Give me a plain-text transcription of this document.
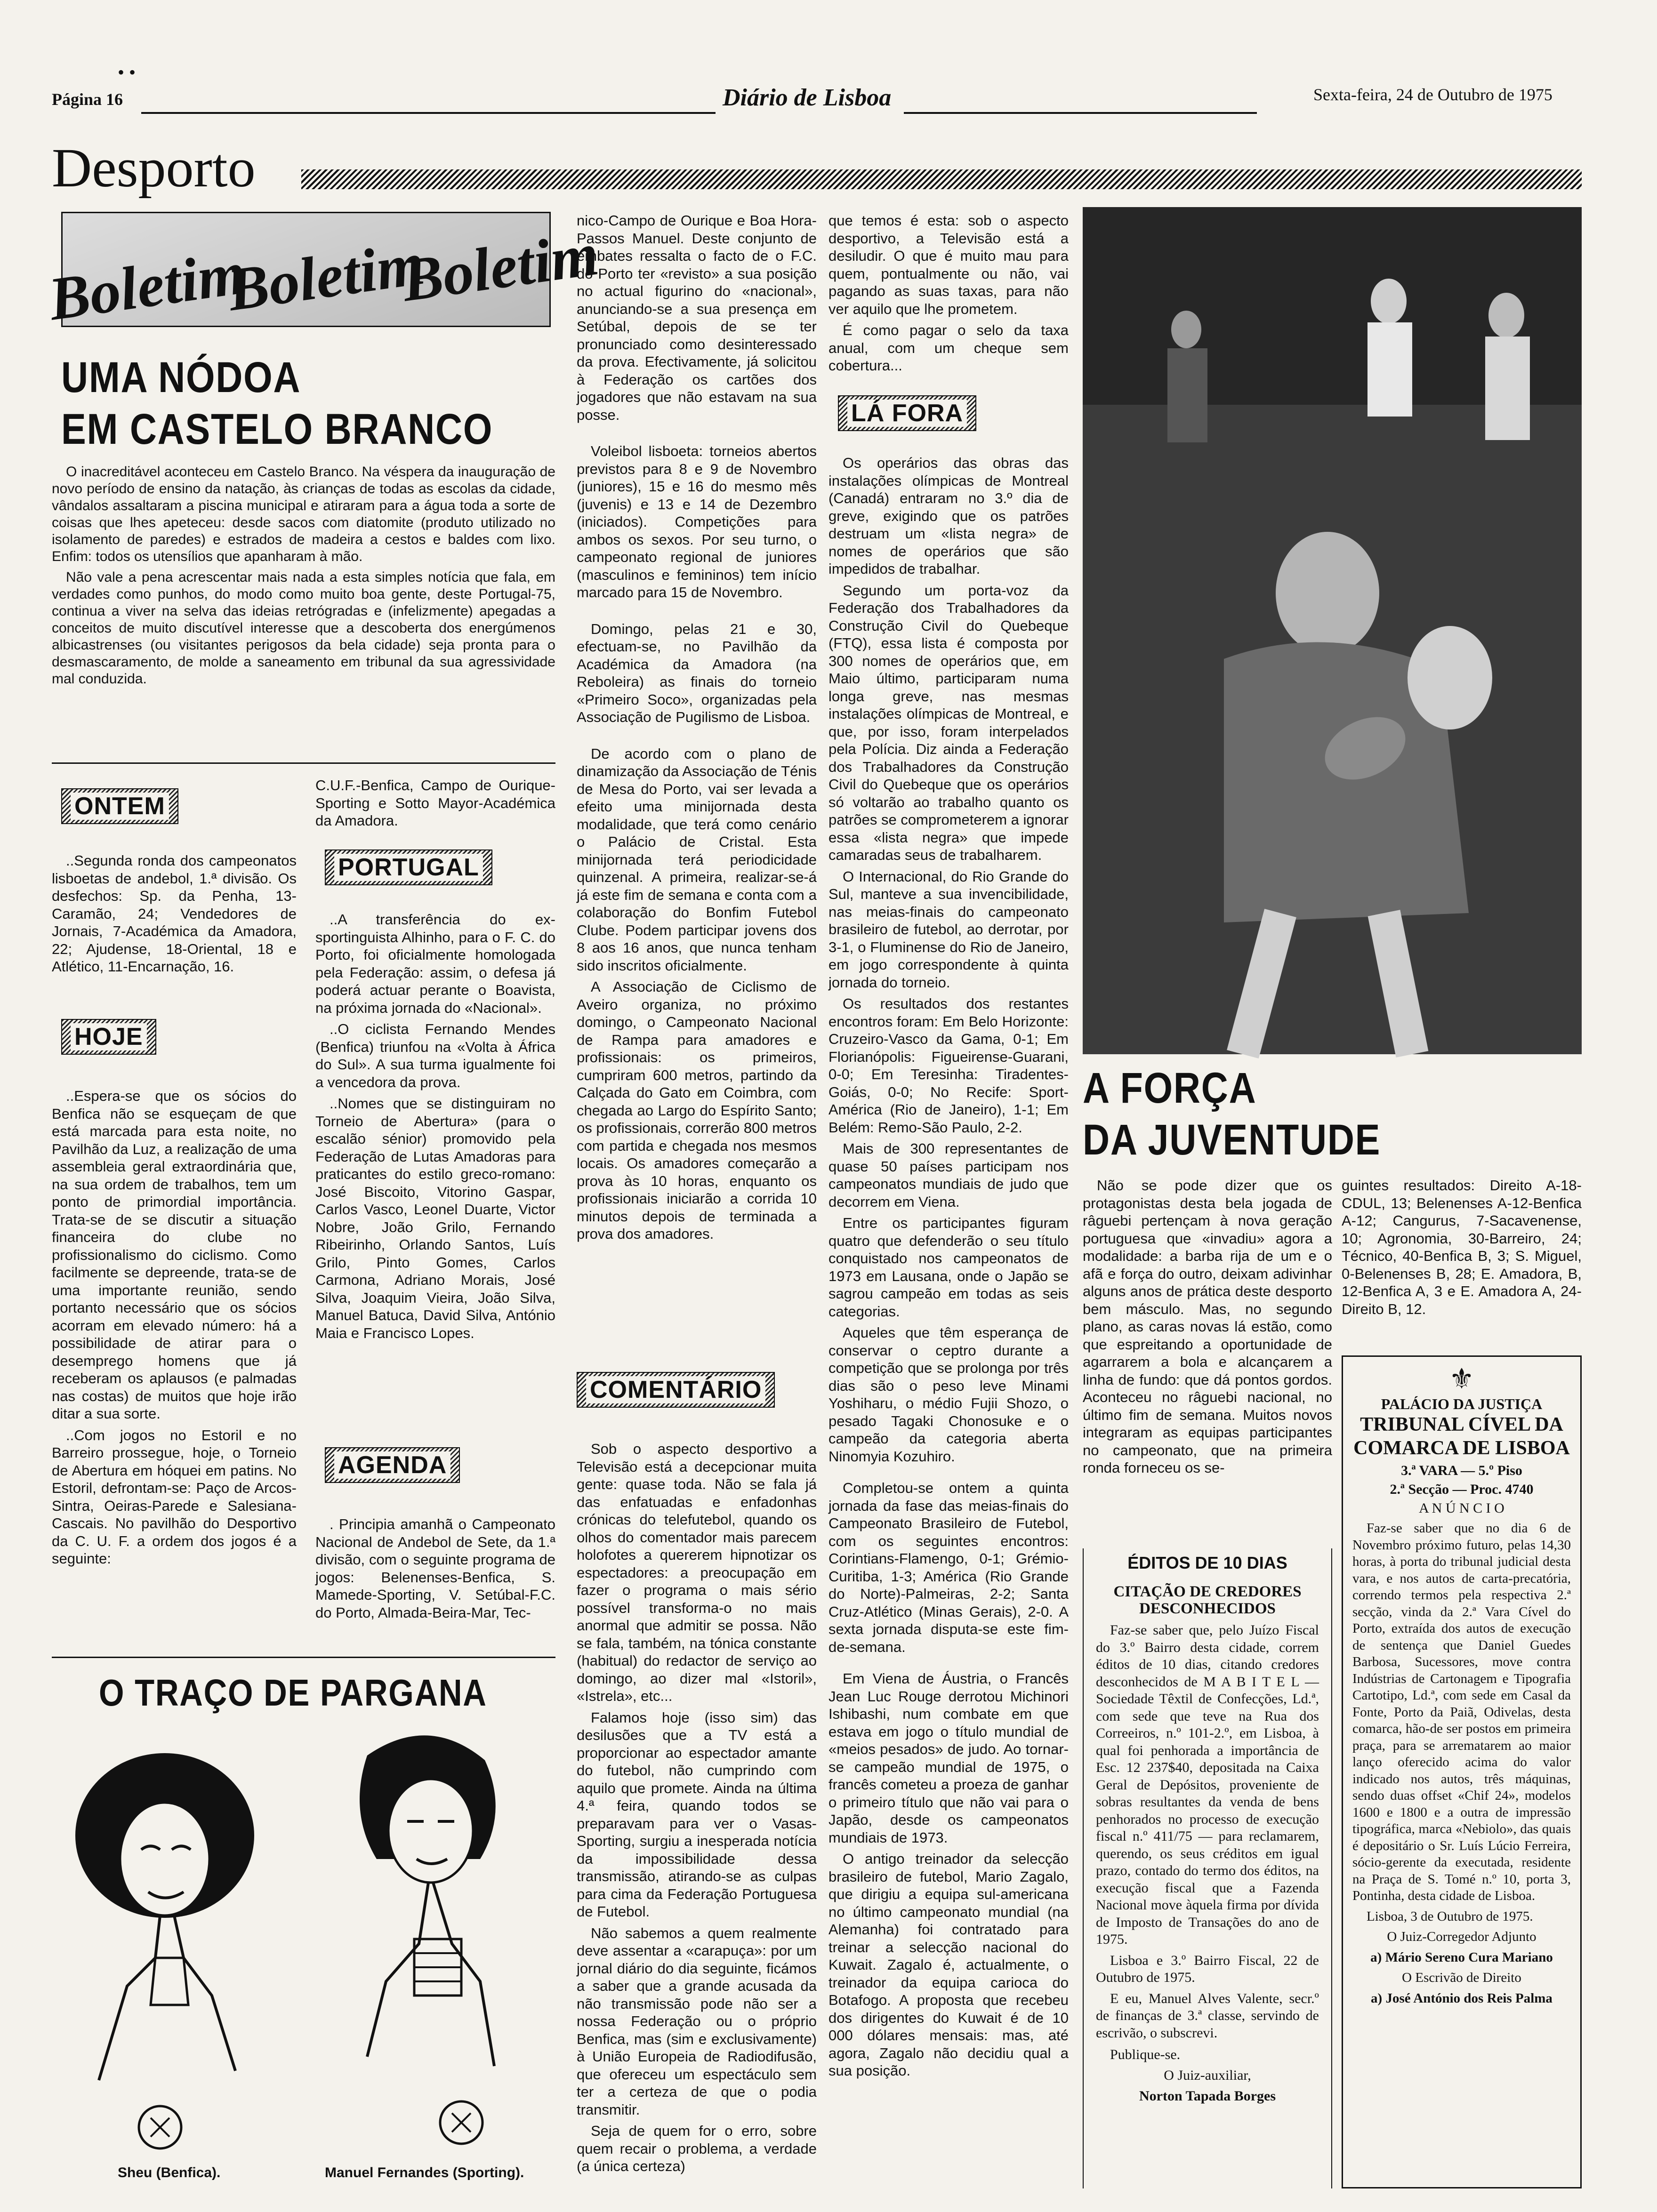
Página 16
• •
Diário de Lisboa	Sexta-feira, 24 de Outubro de 1975
Desporto
Boletim
Boletim
Boletim
UMA NÓDOA
EM CASTELO BRANCO

O inacreditável aconteceu em Castelo Branco. Na véspera da inauguração de novo período de ensino da natação, às crianças de todas as escolas da cidade, vândalos assaltaram a piscina municipal e atiraram para a água toda a sorte de coisas que lhes apeteceu: desde sacos com diatomite (produto utilizado no isolamento de paredes) e estrados de madeira a cestos e baldes com lixo. Enfim: todos os utensílios que apanharam à mão.

Não vale a pena acrescentar mais nada a esta simples notícia que fala, em verdades como punhos, do modo como muito boa gente, deste Portugal-75, continua a viver na selva das ideias retrógradas e (infelizmente) apegadas a conceitos de muito discutível interesse que a descoberta dos energúmenos albicastrenses (ou visitantes perigosos da bela cidade) seja pronta para o desmascaramento, de molde a saneamento em tribunal da sua agressividade mal conduzida.

ONTEM

..Segunda ronda dos campeonatos lisboetas de andebol, 1.ª divisão. Os desfechos: Sp. da Penha, 13-Caramão, 24; Vendedores de Jornais, 7-Académica da Amadora, 22; Ajudense, 18-Oriental, 18 e Atlético, 11-Encarnação, 16.

HOJE

..Espera-se que os sócios do Benfica não se esqueçam de que está marcada para esta noite, no Pavilhão da Luz, a realização de uma assembleia geral extraordinária que, na sua ordem de trabalhos, tem um ponto de primordial importância. Trata-se de se discutir a situação financeira do clube no profissionalismo do ciclismo. Como facilmente se depreende, trata-se de uma importante reunião, sendo portanto necessário que os sócios acorram em elevado número: há a possibilidade de atirar para o desemprego homens que já receberam os aplausos (e palmadas nas costas) de muitos que hoje irão ditar a sua sorte.

..Com jogos no Estoril e no Barreiro prossegue, hoje, o Torneio de Abertura em hóquei em patins. No Estoril, defrontam-se: Paço de Arcos-Sintra, Oeiras-Parede e Salesiana-Cascais. No pavilhão do Desportivo da C. U. F. a ordem dos jogos é a seguinte:

C.U.F.-Benfica, Campo de Ourique-Sporting e Sotto Mayor-Académica da Amadora.

PORTUGAL

..A transferência do ex-sportinguista Alhinho, para o F. C. do Porto, foi oficialmente homologada pela Federação: assim, o defesa já poderá actuar perante o Boavista, na próxima jornada do «Nacional».

..O ciclista Fernando Mendes (Benfica) triunfou na «Volta à África do Sul». A sua turma igualmente foi a vencedora da prova.

..Nomes que se distinguiram no Torneio de Abertura» (para o escalão sénior) promovido pela Federação de Lutas Amadoras para praticantes do estilo greco-romano: José Biscoito, Vitorino Gaspar, Carlos Vasco, Leonel Duarte, Victor Nobre, João Grilo, Fernando Ribeirinho, Orlando Santos, Luís Grilo, Pinto Gomes, Carlos Carmona, Adriano Morais, José Silva, Joaquim Vieira, João Silva, Manuel Batuca, David Silva, António Maia e Francisco Lopes.

AGENDA

. Principia amanhã o Campeonato Nacional de Andebol de Sete, da 1.ª divisão, com o seguinte programa de jogos: Belenenses-Benfica, S. Mamede-Sporting, V. Setúbal-F.C. do Porto, Almada-Beira-Mar, Tec-

O TRAÇO DE PARGANA
Sheu (Benfica).	Manuel Fernandes (Sporting).

nico-Campo de Ourique e Boa Hora-Passos Manuel. Deste conjunto de embates ressalta o facto de o F.C. do Porto ter «revisto» a sua posição no actual figurino do «nacional», anunciando-se a sua presença em Setúbal, depois de se ter pronunciado como desinteressado da prova. Efectivamente, já solicitou à Federação os cartões dos jogadores que não estavam na sua posse.

Voleibol lisboeta: torneios abertos previstos para 8 e 9 de Novembro (juniores), 15 e 16 do mesmo mês (juvenis) e 13 e 14 de Dezembro (iniciados). Competições para ambos os sexos. Por seu turno, o campeonato regional de juniores (masculinos e femininos) tem início marcado para 15 de Novembro.

Domingo, pelas 21 e 30, efectuam-se, no Pavilhão da Académica da Amadora (na Reboleira) as finais do torneio «Primeiro Soco», organizadas pela Associação de Pugilismo de Lisboa.

De acordo com o plano de dinamização da Associação de Ténis de Mesa do Porto, vai ser levada a efeito uma minijornada desta modalidade, que terá como cenário o Palácio de Cristal. Esta minijornada terá periodicidade quinzenal. A primeira, realizar-se-á já este fim de semana e conta com a colaboração do Bonfim Futebol Clube. Podem participar jovens dos 8 aos 16 anos, que nunca tenham sido inscritos oficialmente.

A Associação de Ciclismo de Aveiro organiza, no próximo domingo, o Campeonato Nacional de Rampa para amadores e profissionais: os primeiros, cumpriram 600 metros, partindo da Calçada do Gato em Coimbra, com chegada ao Largo do Espírito Santo; os profissionais, correrão 800 metros com partida e chegada nos mesmos locais. Os amadores começarão a prova às 10 horas, enquanto os profissionais iniciarão a corrida 10 minutos depois de terminada a prova dos amadores.

COMENTÁRIO

Sob o aspecto desportivo a Televisão está a decepcionar muita gente: quase toda. Não se fala já das enfatuadas e enfadonhas crónicas do telefutebol, quando os olhos do comentador mais parecem holofotes a quererem hipnotizar os espectadores: a preocupação em fazer o programa o mais sério possível transforma-o no mais anormal que admitir se possa. Não se fala, também, na tónica constante (habitual) do redactor de serviço ao domingo, ao dizer mal «Istoril», «Istrela», etc...

Falamos hoje (isso sim) das desilusões que a TV está a proporcionar ao espectador amante do futebol, não cumprindo com aquilo que promete. Ainda na última 4.ª feira, quando todos se preparavam para ver o Vasas-Sporting, surgiu a inesperada notícia da impossibilidade dessa transmissão, atirando-se as culpas para cima da Federação Portuguesa de Futebol.

Não sabemos a quem realmente deve assentar a «carapuça»: por um jornal diário do dia seguinte, ficámos a saber que a grande acusada da não transmissão pode não ser a nossa Federação ou o próprio Benfica, mas (sim e exclusivamente) à União Europeia de Radiodifusão, que ofereceu um espectáculo sem ter a certeza de que o podia transmitir.

Seja de quem for o erro, sobre quem recair o problema, a verdade (a única certeza)

que temos é esta: sob o aspecto desportivo, a Televisão está a desiludir. O que é muito mau para quem, pontualmente ou não, vai pagando as suas taxas, para não ver aquilo que lhe prometem.

É como pagar o selo da taxa anual, com um cheque sem cobertura...

LÁ FORA

Os operários das obras das instalações olímpicas de Montreal (Canadá) entraram no 3.º dia de greve, exigindo que os patrões destruam um «lista negra» de nomes de operários que são impedidos de trabalhar.

Segundo um porta-voz da Federação dos Trabalhadores da Construção Civil do Quebeque (FTQ), essa lista é composta por 300 nomes de operários que, em Maio último, participaram numa longa greve, nas mesmas instalações olímpicas de Montreal, e que, por isso, foram interpelados pela Polícia. Diz ainda a Federação dos Trabalhadores da Construção Civil do Quebeque que os operários só voltarão ao trabalho quanto os patrões se comprometerem a ignorar essa «lista negra» que impede camaradas seus de trabalharem.

O Internacional, do Rio Grande do Sul, manteve a sua invencibilidade, nas meias-finais do campeonato brasileiro de futebol, ao derrotar, por 3-1, o Fluminense do Rio de Janeiro, em jogo correspondente à quinta jornada do torneio.

Os resultados dos restantes encontros foram: Em Belo Horizonte: Cruzeiro-Vasco da Gama, 0-1; Em Florianópolis: Figueirense-Guarani, 0-0; Em Teresinha: Tiradentes-Goiás, 0-0; No Recife: Sport-América (Rio de Janeiro), 1-1; Em Belém: Remo-São Paulo, 2-2.

Mais de 300 representantes de quase 50 países participam nos campeonatos mundiais de judo que decorrem em Viena.

Entre os participantes figuram quatro que defenderão o seu título conquistado nos campeonatos de 1973 em Lausana, onde o Japão se sagrou campeão em todas as seis categorias.

Aqueles que têm esperança de conservar o ceptro durante a competição que se prolonga por três dias são o peso leve Minami Yoshiharu, o médio Fujii Shozo, o pesado Tagaki Chonosuke e o campeão da categoria aberta Ninomyia Kozuhiro.

Completou-se ontem a quinta jornada da fase das meias-finais do Campeonato Brasileiro de Futebol, com os seguintes encontros: Corintians-Flamengo, 0-1; Grémio-Curitiba, 1-3; América (Rio Grande do Norte)-Palmeiras, 2-2; Santa Cruz-Atlético (Minas Gerais), 2-0. A sexta jornada disputa-se este fim-de-semana.

Em Viena de Áustria, o Francês Jean Luc Rouge derrotou Michinori Ishibashi, num combate em que estava em jogo o título mundial de «meios pesados» de judo. Ao tornar-se campeão mundial de 1975, o francês cometeu a proeza de ganhar o primeiro título que não vai para o Japão, desde os campeonatos mundiais de 1973.

O antigo treinador da selecção brasileiro de futebol, Mario Zagalo, que dirigiu a equipa sul-americana no último campeonato mundial (na Alemanha) foi contratado para treinar a selecção nacional do Kuwait. Zagalo é, actualmente, o treinador da equipa carioca do Botafogo. A proposta que recebeu dos dirigentes do Kuwait é de 10 000 dólares mensais: mas, até agora, Zagalo não decidiu qual a sua posição.

A FORÇA
DA JUVENTUDE

Não se pode dizer que os protagonistas desta bela jogada de râguebi pertençam à nova geração portuguesa que «invadiu» agora a modalidade: a barba rija de um e o afã e força do outro, deixam adivinhar alguns anos de prática deste desporto bem másculo. Mas, no segundo plano, as caras novas lá estão, como que espreitando a oportunidade de agarrarem a bola e alcançarem a linha de fundo: que dá pontos gordos. Aconteceu no râguebi nacional, no último fim de semana. Muitos novos integraram as equipas participantes no campeonato, que na primeira ronda forneceu os se-

guintes resultados: Direito A-18-CDUL, 13; Belenenses A-12-Benfica A-12; Cangurus, 7-Sacavenense, 10; Agronomia, 30-Barreiro, 24; Técnico, 40-Benfica B, 3; S. Miguel, 0-Belenenses B, 28; E. Amadora, B, 12-Benfica A, 3 e E. Amadora A, 24-Direito B, 12.

ÉDITOS DE 10 DIAS
CITAÇÃO DE CREDORES DESCONHECIDOS

Faz-se saber que, pelo Juízo Fiscal do 3.º Bairro desta cidade, correm éditos de 10 dias, citando credores desconhecidos de M A B I T E L — Sociedade Têxtil de Confecções, Ld.ª, com sede que teve na Rua dos Correeiros, n.º 101-2.º, em Lisboa, à qual foi penhorada a importância de Esc. 12 237$40, depositada na Caixa Geral de Depósitos, proveniente de sobras resultantes da venda de bens penhorados no processo de execução fiscal n.º 411/75 — para reclamarem, querendo, os seus créditos em igual prazo, contado do termo dos éditos, na execução fiscal que a Fazenda Nacional move àquela firma por dívida de Imposto de Transações do ano de 1975.

Lisboa e 3.º Bairro Fiscal, 22 de Outubro de 1975.

E eu, Manuel Alves Valente, secr.º de finanças de 3.ª classe, servindo de escrivão, o subscrevi.

Publique-se.

O Juiz-auxiliar,
Norton Tapada Borges
⚜
PALÁCIO DA JUSTIÇA
TRIBUNAL CÍVEL DA
COMARCA DE LISBOA
3.ª VARA — 5.º Piso
2.ª Secção — Proc. 4740
A N Ú N C I O

Faz-se saber que no dia 6 de Novembro próximo futuro, pelas 14,30 horas, à porta do tribunal judicial desta vara, e nos autos de carta-precatória, correndo termos pela respectiva 2.ª secção, vinda da 2.ª Vara Cível do Porto, extraída dos autos de execução de sentença que Daniel Guedes Barbosa, Sucessores, move contra Indústrias de Cartonagem e Tipografia Cartotipo, Ld.ª, com sede em Casal da Fonte, Porto da Paiã, Odivelas, desta comarca, hão-de ser postos em primeira praça, para se arrematarem ao maior lanço oferecido acima do valor indicado nos autos, três máquinas, sendo duas offset «Chif 24», modelos 1600 e 1800 e a outra de impressão tipográfica, marca «Nebiolo», das quais é depositário o Sr. Luís Lúcio Ferreira, sócio-gerente da executada, residente na Praça de S. Tomé n.º 10, porta 3, Pontinha, desta cidade de Lisboa.

Lisboa, 3 de Outubro de 1975.

O Juiz-Corregedor Adjunto

a) Mário Sereno Cura Mariano

O Escrivão de Direito

a) José António dos Reis Palma
